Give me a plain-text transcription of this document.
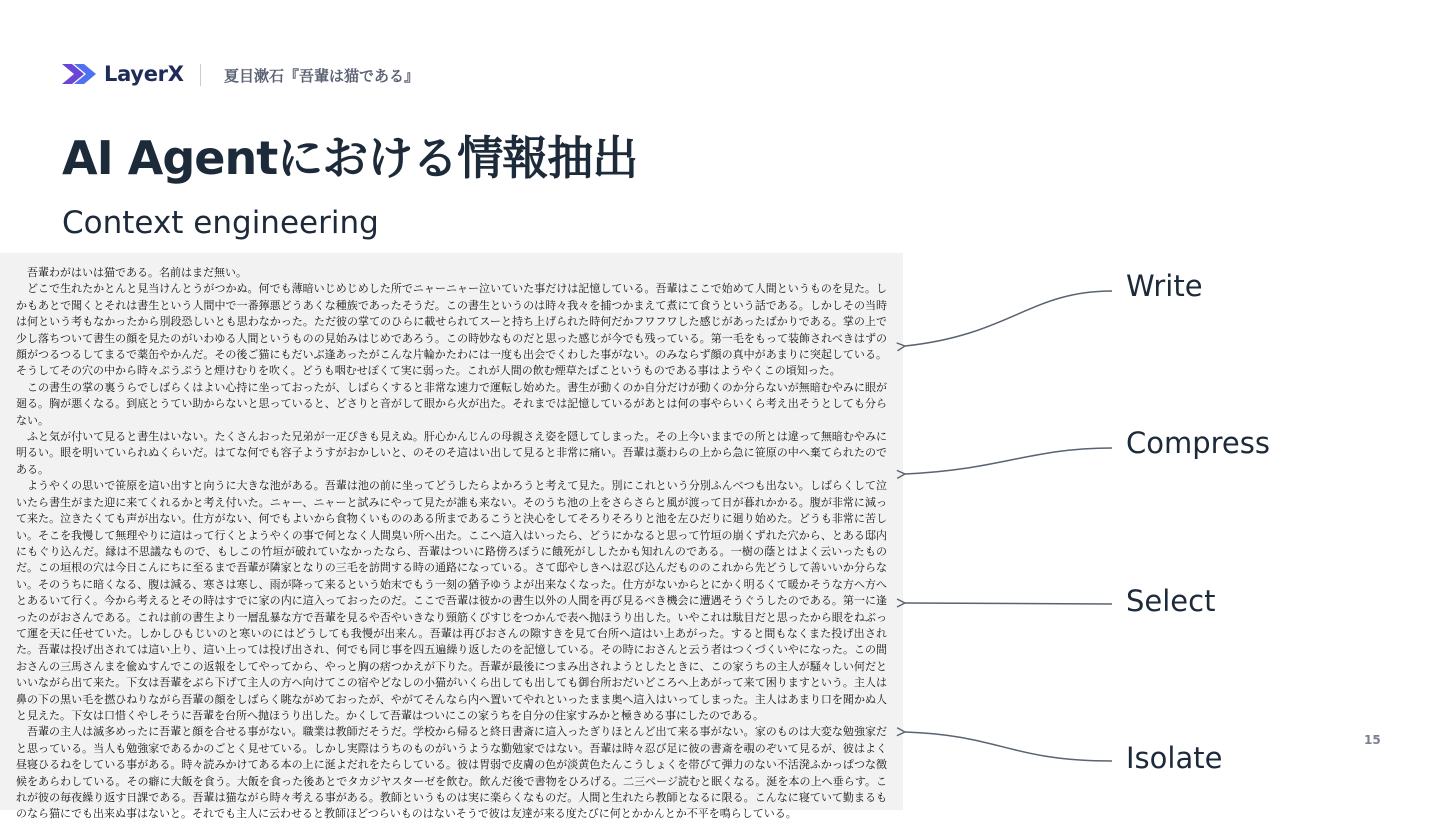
LayerX	夏目漱石『吾輩は猫である』
AI Agentにおける情報抽出
Context engineering

吾輩わがはいは猫である。名前はまだ無い。

どこで生れたかとんと見当けんとうがつかぬ。何でも薄暗いじめじめした所でニャーニャー泣いていた事だけは記憶している。吾輩はここで始めて人間というものを見た。しかもあとで聞くとそれは書生という人間中で一番獰悪どうあくな種族であったそうだ。この書生というのは時々我々を捕つかまえて煮にて食うという話である。しかしその当時は何という考もなかったから別段恐しいとも思わなかった。ただ彼の掌てのひらに載せられてスーと持ち上げられた時何だかフワフワした感じがあったばかりである。掌の上で少し落ちついて書生の顔を見たのがいわゆる人間というものの見始みはじめであろう。この時妙なものだと思った感じが今でも残っている。第一毛をもって装飾されべきはずの顔がつるつるしてまるで薬缶やかんだ。その後ご猫にもだいぶ逢あったがこんな片輪かたわには一度も出会でくわした事がない。のみならず顔の真中があまりに突起している。そうしてその穴の中から時々ぷうぷうと煙けむりを吹く。どうも咽むせぽくて実に弱った。これが人間の飲む煙草たばこというものである事はようやくこの頃知った。

この書生の掌の裏うらでしばらくはよい心持に坐っておったが、しばらくすると非常な速力で運転し始めた。書生が動くのか自分だけが動くのか分らないが無暗むやみに眼が廻る。胸が悪くなる。到底とうてい助からないと思っていると、どさりと音がして眼から火が出た。それまでは記憶しているがあとは何の事やらいくら考え出そうとしても分らない。

ふと気が付いて見ると書生はいない。たくさんおった兄弟が一疋ぴきも見えぬ。肝心かんじんの母親さえ姿を隠してしまった。その上今いままでの所とは違って無暗むやみに明るい。眼を明いていられぬくらいだ。はてな何でも容子ようすがおかしいと、のそのそ這はい出して見ると非常に痛い。吾輩は藁わらの上から急に笹原の中へ棄てられたのである。

ようやくの思いで笹原を這い出すと向うに大きな池がある。吾輩は池の前に坐ってどうしたらよかろうと考えて見た。別にこれという分別ふんべつも出ない。しばらくして泣いたら書生がまた迎に来てくれるかと考え付いた。ニャー、ニャーと試みにやって見たが誰も来ない。そのうち池の上をさらさらと風が渡って日が暮れかかる。腹が非常に減って来た。泣きたくても声が出ない。仕方がない、何でもよいから食物くいもののある所まであるこうと決心をしてそろりそろりと池を左ひだりに廻り始めた。どうも非常に苦しい。そこを我慢して無理やりに這はって行くとようやくの事で何となく人間臭い所へ出た。ここへ這入はいったら、どうにかなると思って竹垣の崩くずれた穴から、とある邸内にもぐり込んだ。縁は不思議なもので、もしこの竹垣が破れていなかったなら、吾輩はついに路傍ろぼうに餓死がししたかも知れんのである。一樹の蔭とはよく云いったものだ。この垣根の穴は今日こんにちに至るまで吾輩が隣家となりの三毛を訪問する時の通路になっている。さて邸やしきへは忍び込んだもののこれから先どうして善いいか分らない。そのうちに暗くなる、腹は減る、寒さは寒し、雨が降って来るという始末でもう一刻の猶予ゆうよが出来なくなった。仕方がないからとにかく明るくて暖かそうな方へ方へとあるいて行く。今から考えるとその時はすでに家の内に這入っておったのだ。ここで吾輩は彼かの書生以外の人間を再び見るべき機会に遭遇そうぐうしたのである。第一に逢ったのがおさんである。これは前の書生より一層乱暴な方で吾輩を見るや否やいきなり頸筋くびすじをつかんで表へ抛ほうり出した。いやこれは駄目だと思ったから眼をねぶって運を天に任せていた。しかしひもじいのと寒いのにはどうしても我慢が出来ん。吾輩は再びおさんの隙すきを見て台所へ這はい上あがった。すると間もなくまた投げ出された。吾輩は投げ出されては這い上り、這い上っては投げ出され、何でも同じ事を四五遍繰り返したのを記憶している。その時におさんと云う者はつくづくいやになった。この間おさんの三馬さんまを偸ぬすんでこの返報をしてやってから、やっと胸の痞つかえが下りた。吾輩が最後につまみ出されようとしたときに、この家うちの主人が騒々しい何だといいながら出て来た。下女は吾輩をぶら下げて主人の方へ向けてこの宿やどなしの小猫がいくら出しても出しても御台所おだいどころへ上あがって来て困りますという。主人は鼻の下の黒い毛を撚ひねりながら吾輩の顔をしばらく眺ながめておったが、やがてそんなら内へ置いてやれといったまま奥へ這入はいってしまった。主人はあまり口を聞かぬ人と見えた。下女は口惜くやしそうに吾輩を台所へ抛ほうり出した。かくして吾輩はついにこの家うちを自分の住家すみかと極きめる事にしたのである。

吾輩の主人は滅多めったに吾輩と顔を合せる事がない。職業は教師だそうだ。学校から帰ると終日書斎に這入ったぎりほとんど出て来る事がない。家のものは大変な勉強家だと思っている。当人も勉強家であるかのごとく見せている。しかし実際はうちのものがいうような勤勉家ではない。吾輩は時々忍び足に彼の書斎を覗のぞいて見るが、彼はよく昼寝ひるねをしている事がある。時々読みかけてある本の上に涎よだれをたらしている。彼は胃弱で皮膚の色が淡黄色たんこうしょくを帯びて弾力のない不活溌ふかっぱつな徴候をあらわしている。その癖に大飯を食う。大飯を食った後あとでタカジヤスターゼを飲む。飲んだ後で書物をひろげる。二三ページ読むと眠くなる。涎を本の上へ垂らす。これが彼の毎夜繰り返す日課である。吾輩は猫ながら時々考える事がある。教師というものは実に楽らくなものだ。人間と生れたら教師となるに限る。こんなに寝ていて勤まるものなら猫にでも出来ぬ事はないと。それでも主人に云わせると教師ほどつらいものはないそうで彼は友達が来る度たびに何とかかんとか不平を鳴らしている。

Write
Compress
Select
Isolate
15
